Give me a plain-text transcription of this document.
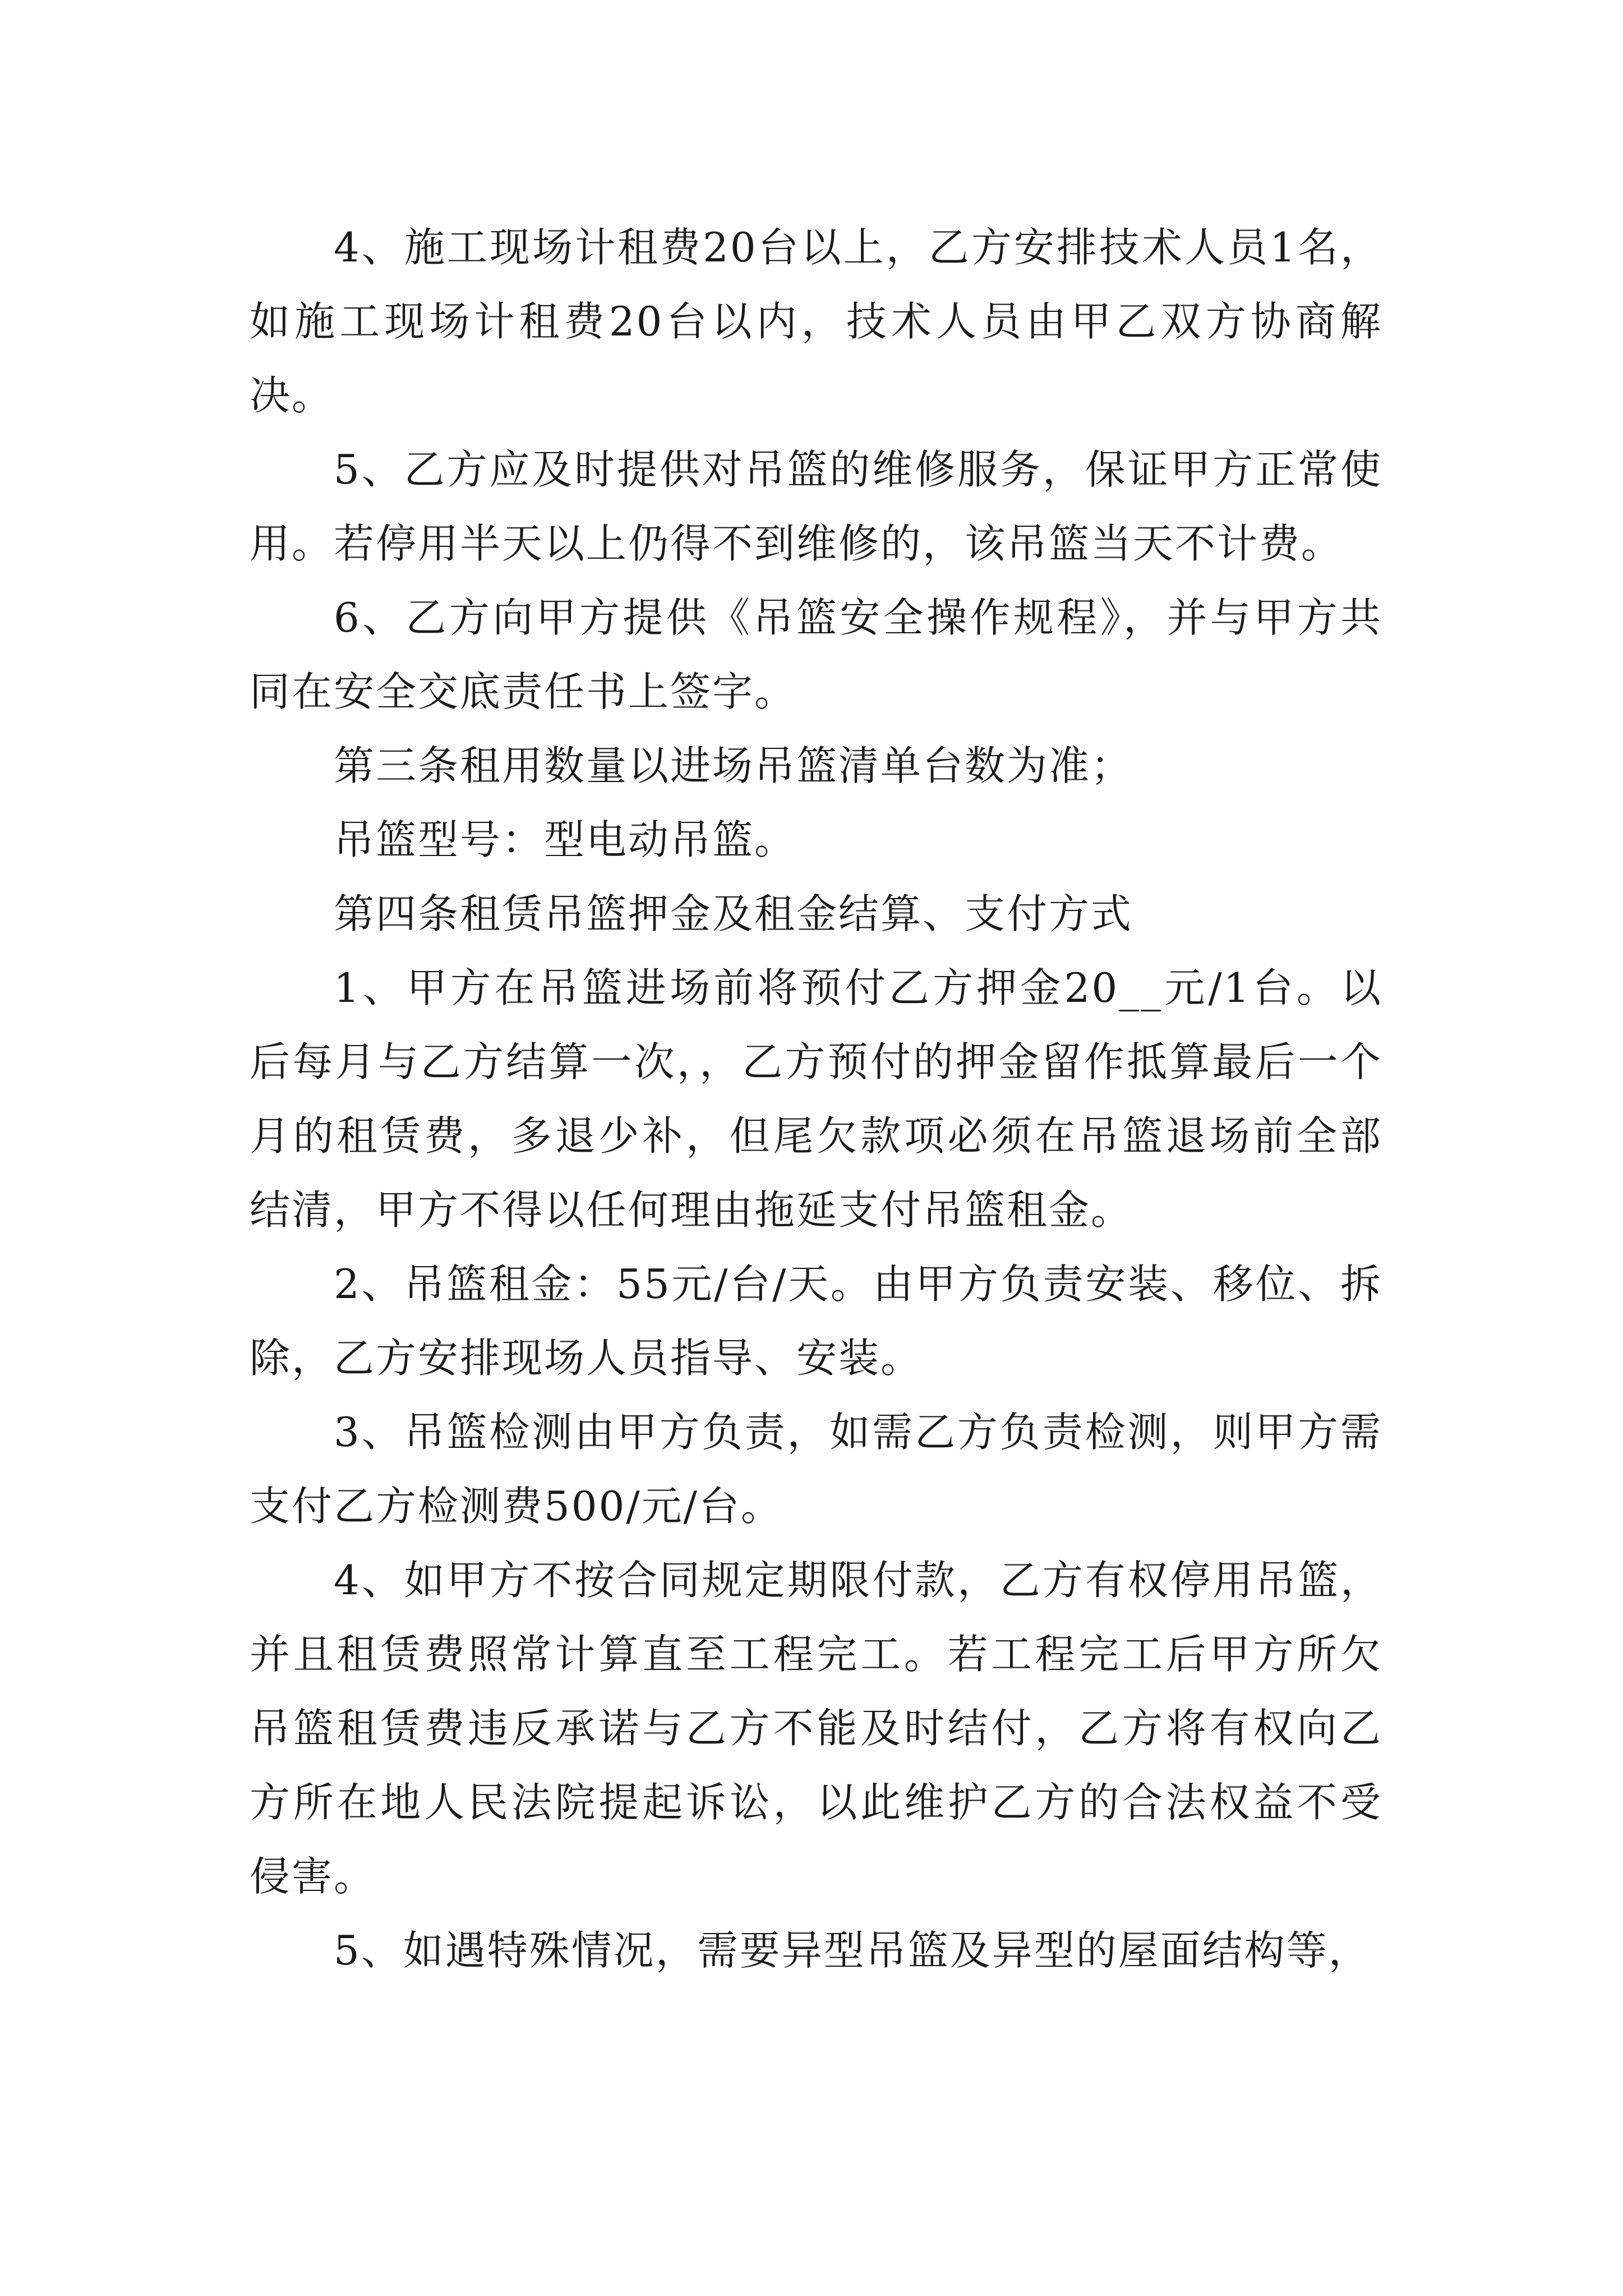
4、施工现场计租费20台以上，乙方安排技术人员1名，如施工现场计租费20台以内，技术人员由甲乙双方协商解决。

5、乙方应及时提供对吊篮的维修服务，保证甲方正常使用。若停用半天以上仍得不到维修的，该吊篮当天不计费。

6、乙方向甲方提供《吊篮安全操作规程》，并与甲方共同在安全交底责任书上签字。

第三条租用数量以进场吊篮清单台数为准；

吊篮型号：型电动吊篮。

第四条租赁吊篮押金及租金结算、支付方式

1、甲方在吊篮进场前将预付乙方押金20__元/1台。以后每月与乙方结算一次，，乙方预付的押金留作抵算最后一个月的租赁费，多退少补，但尾欠款项必须在吊篮退场前全部结清，甲方不得以任何理由拖延支付吊篮租金。

2、吊篮租金：55元/台/天。由甲方负责安装、移位、拆除，乙方安排现场人员指导、安装。

3、吊篮检测由甲方负责，如需乙方负责检测，则甲方需支付乙方检测费500/元/台。

4、如甲方不按合同规定期限付款，乙方有权停用吊篮，并且租赁费照常计算直至工程完工。若工程完工后甲方所欠吊篮租赁费违反承诺与乙方不能及时结付，乙方将有权向乙方所在地人民法院提起诉讼，以此维护乙方的合法权益不受侵害。

5、如遇特殊情况，需要异型吊篮及异型的屋面结构等，
